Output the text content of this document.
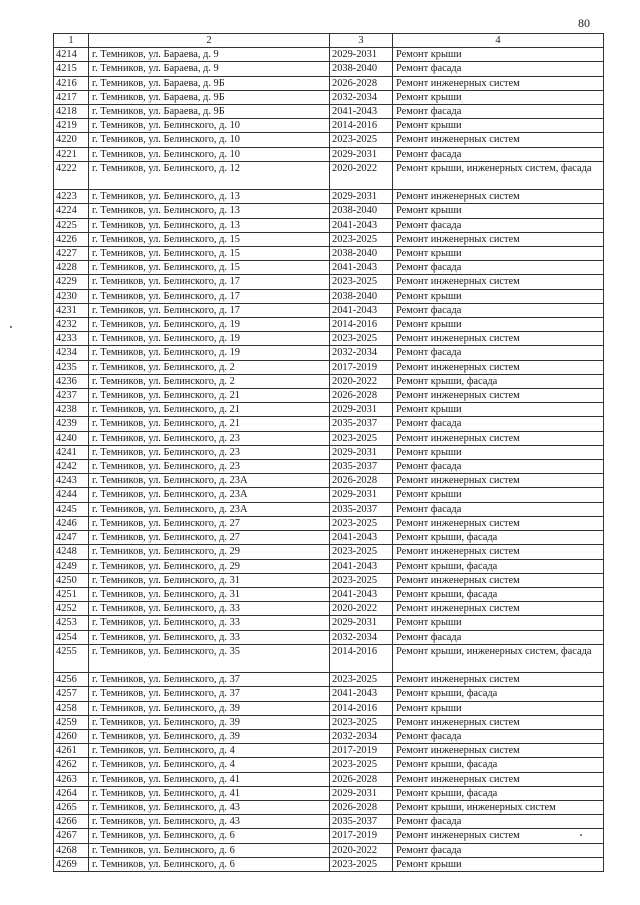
80
1	2	3	4
4214	г. Темников, ул. Бараева, д. 9	2029-2031	Ремонт крыши
4215	г. Темников, ул. Бараева, д. 9	2038-2040	Ремонт фасада
4216	г. Темников, ул. Бараева, д. 9Б	2026-2028	Ремонт инженерных систем
4217	г. Темников, ул. Бараева, д. 9Б	2032-2034	Ремонт крыши
4218	г. Темников, ул. Бараева, д. 9Б	2041-2043	Ремонт фасада
4219	г. Темников, ул. Белинского, д. 10	2014-2016	Ремонт крыши
4220	г. Темников, ул. Белинского, д. 10	2023-2025	Ремонт инженерных систем
4221	г. Темников, ул. Белинского, д. 10	2029-2031	Ремонт фасада
4222	г. Темников, ул. Белинского, д. 12	2020-2022	Ремонт крыши, инженерных систем, фасада
4223	г. Темников, ул. Белинского, д. 13	2029-2031	Ремонт инженерных систем
4224	г. Темников, ул. Белинского, д. 13	2038-2040	Ремонт крыши
4225	г. Темников, ул. Белинского, д. 13	2041-2043	Ремонт фасада
4226	г. Темников, ул. Белинского, д. 15	2023-2025	Ремонт инженерных систем
4227	г. Темников, ул. Белинского, д. 15	2038-2040	Ремонт крыши
4228	г. Темников, ул. Белинского, д. 15	2041-2043	Ремонт фасада
4229	г. Темников, ул. Белинского, д. 17	2023-2025	Ремонт инженерных систем
4230	г. Темников, ул. Белинского, д. 17	2038-2040	Ремонт крыши
4231	г. Темников, ул. Белинского, д. 17	2041-2043	Ремонт фасада
4232	г. Темников, ул. Белинского, д. 19	2014-2016	Ремонт крыши
4233	г. Темников, ул. Белинского, д. 19	2023-2025	Ремонт инженерных систем
4234	г. Темников, ул. Белинского, д. 19	2032-2034	Ремонт фасада
4235	г. Темников, ул. Белинского, д. 2	2017-2019	Ремонт инженерных систем
4236	г. Темников, ул. Белинского, д. 2	2020-2022	Ремонт крыши, фасада
4237	г. Темников, ул. Белинского, д. 21	2026-2028	Ремонт инженерных систем
4238	г. Темников, ул. Белинского, д. 21	2029-2031	Ремонт крыши
4239	г. Темников, ул. Белинского, д. 21	2035-2037	Ремонт фасада
4240	г. Темников, ул. Белинского, д. 23	2023-2025	Ремонт инженерных систем
4241	г. Темников, ул. Белинского, д. 23	2029-2031	Ремонт крыши
4242	г. Темников, ул. Белинского, д. 23	2035-2037	Ремонт фасада
4243	г. Темников, ул. Белинского, д. 23А	2026-2028	Ремонт инженерных систем
4244	г. Темников, ул. Белинского, д. 23А	2029-2031	Ремонт крыши
4245	г. Темников, ул. Белинского, д. 23А	2035-2037	Ремонт фасада
4246	г. Темников, ул. Белинского, д. 27	2023-2025	Ремонт инженерных систем
4247	г. Темников, ул. Белинского, д. 27	2041-2043	Ремонт крыши, фасада
4248	г. Темников, ул. Белинского, д. 29	2023-2025	Ремонт инженерных систем
4249	г. Темников, ул. Белинского, д. 29	2041-2043	Ремонт крыши, фасада
4250	г. Темников, ул. Белинского, д. 31	2023-2025	Ремонт инженерных систем
4251	г. Темников, ул. Белинского, д. 31	2041-2043	Ремонт крыши, фасада
4252	г. Темников, ул. Белинского, д. 33	2020-2022	Ремонт инженерных систем
4253	г. Темников, ул. Белинского, д. 33	2029-2031	Ремонт крыши
4254	г. Темников, ул. Белинского, д. 33	2032-2034	Ремонт фасада
4255	г. Темников, ул. Белинского, д. 35	2014-2016	Ремонт крыши, инженерных систем, фасада
4256	г. Темников, ул. Белинского, д. 37	2023-2025	Ремонт инженерных систем
4257	г. Темников, ул. Белинского, д. 37	2041-2043	Ремонт крыши, фасада
4258	г. Темников, ул. Белинского, д. 39	2014-2016	Ремонт крыши
4259	г. Темников, ул. Белинского, д. 39	2023-2025	Ремонт инженерных систем
4260	г. Темников, ул. Белинского, д. 39	2032-2034	Ремонт фасада
4261	г. Темников, ул. Белинского, д. 4	2017-2019	Ремонт инженерных систем
4262	г. Темников, ул. Белинского, д. 4	2023-2025	Ремонт крыши, фасада
4263	г. Темников, ул. Белинского, д. 41	2026-2028	Ремонт инженерных систем
4264	г. Темников, ул. Белинского, д. 41	2029-2031	Ремонт крыши, фасада
4265	г. Темников, ул. Белинского, д. 43	2026-2028	Ремонт крыши, инженерных систем
4266	г. Темников, ул. Белинского, д. 43	2035-2037	Ремонт фасада
4267	г. Темников, ул. Белинского, д. 6	2017-2019	Ремонт инженерных систем
4268	г. Темников, ул. Белинского, д. 6	2020-2022	Ремонт фасада
4269	г. Темников, ул. Белинского, д. 6	2023-2025	Ремонт крыши
